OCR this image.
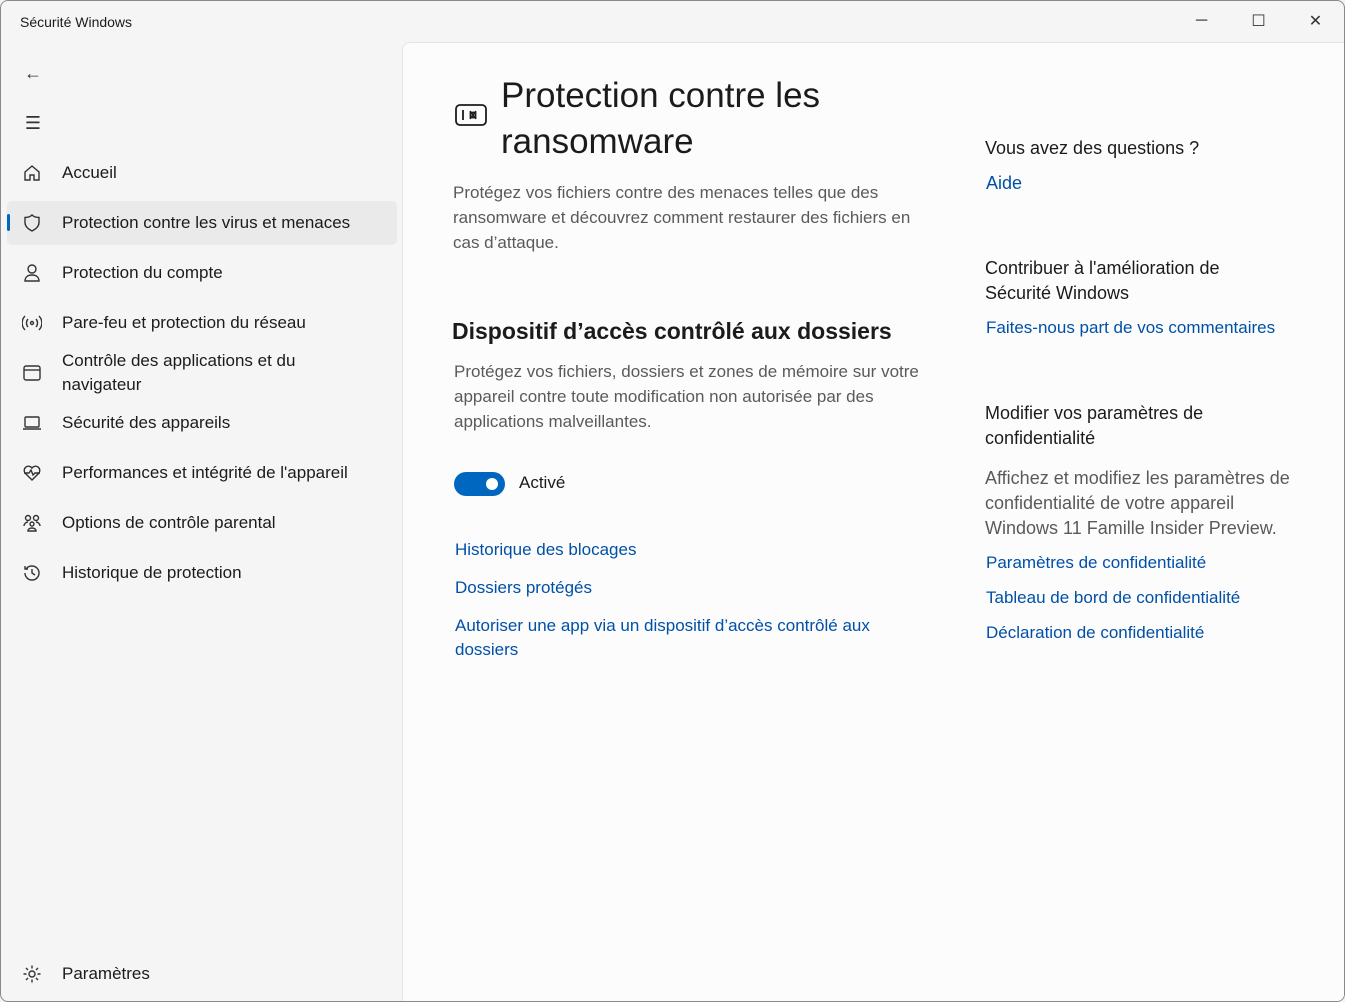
Sécurité Windows	─	☐	✕
←
☰
Accueil
Protection contre les virus et menaces
Protection du compte
Pare-feu et protection du réseau
Contrôle des applications et du navigateur
Sécurité des appareils
Performances et intégrité de l'appareil
Options de contrôle parental
Historique de protection
Paramètres
Protection contre les ransomware
Protégez vos fichiers contre des menaces telles que des ransomware et découvrez comment restaurer des fichiers en cas d’attaque.
Dispositif d’accès contrôlé aux dossiers
Protégez vos fichiers, dossiers et zones de mémoire sur votre appareil contre toute modification non autorisée par des applications malveillantes.
Activé
Historique des blocages
Dossiers protégés
Autoriser une app via un dispositif d’accès contrôlé aux dossiers
Vous avez des questions ?
Aide
Contribuer à l'amélioration de Sécurité Windows
Faites-nous part de vos commentaires
Modifier vos paramètres de confidentialité
Affichez et modifiez les paramètres de confidentialité de votre appareil Windows 11 Famille Insider Preview.
Paramètres de confidentialité
Tableau de bord de confidentialité
Déclaration de confidentialité
